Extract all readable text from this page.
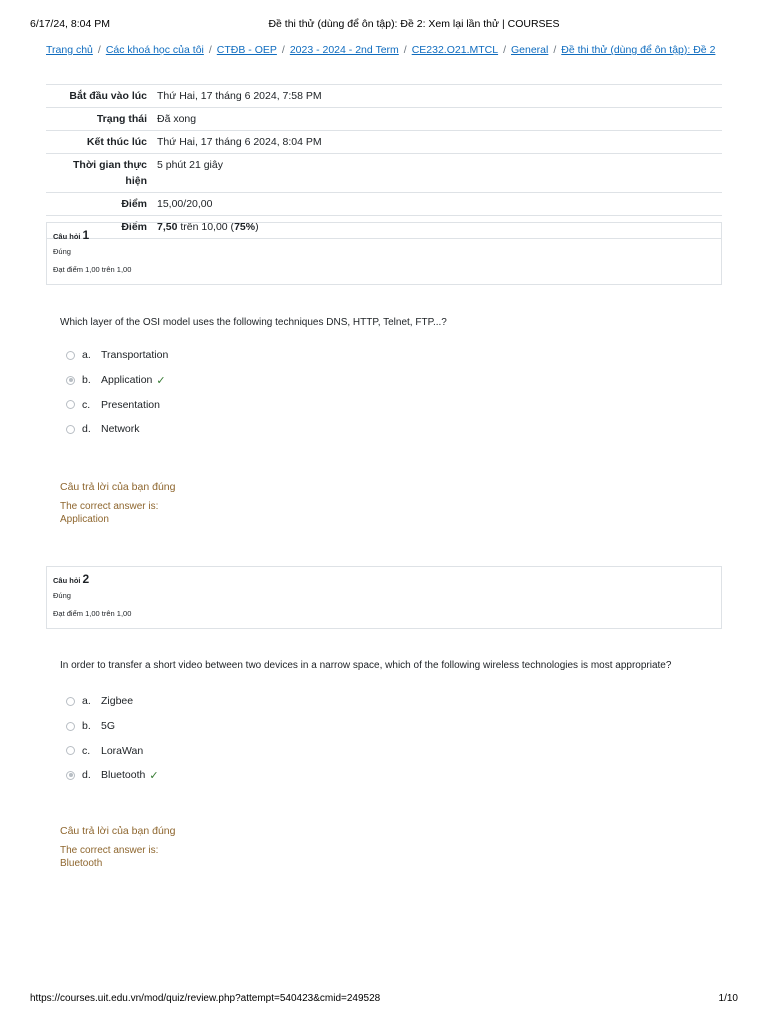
6/17/24, 8:04 PM	Đề thi thử (dùng để ôn tập): Đề 2: Xem lại lần thử | COURSES
Trang chủ / Các khoá học của tôi / CTĐB - OEP / 2023 - 2024 - 2nd Term / CE232.O21.MTCL / General / Đề thi thử (dùng để ôn tập): Đề 2
Bắt đầu vào lúc	Thứ Hai, 17 tháng 6 2024, 7:58 PM
Trạng thái	Đã xong
Kết thúc lúc	Thứ Hai, 17 tháng 6 2024, 8:04 PM
Thời gian thực hiện	5 phút 21 giây
Điểm	15,00/20,00
Điểm	7,50 trên 10,00 (75%)
Câu hỏi 1
Đúng
Đạt điểm 1,00 trên 1,00
Which layer of the OSI model uses the following techniques DNS, HTTP, Telnet, FTP...?
a. Transportation
b. Application ✓
c.	Presentation
d. Network
Câu trả lời của bạn đúng
The correct answer is:
Application
Câu hỏi 2
Đúng
Đạt điểm 1,00 trên 1,00
In order to transfer a short video between two devices in a narrow space, which of the following wireless technologies is most appropriate?
a. Zigbee
b. 5G
c.	LoraWan
d. Bluetooth ✓
Câu trả lời của bạn đúng
The correct answer is:
Bluetooth
https://courses.uit.edu.vn/mod/quiz/review.php?attempt=540423&cmid=249528	1/10
